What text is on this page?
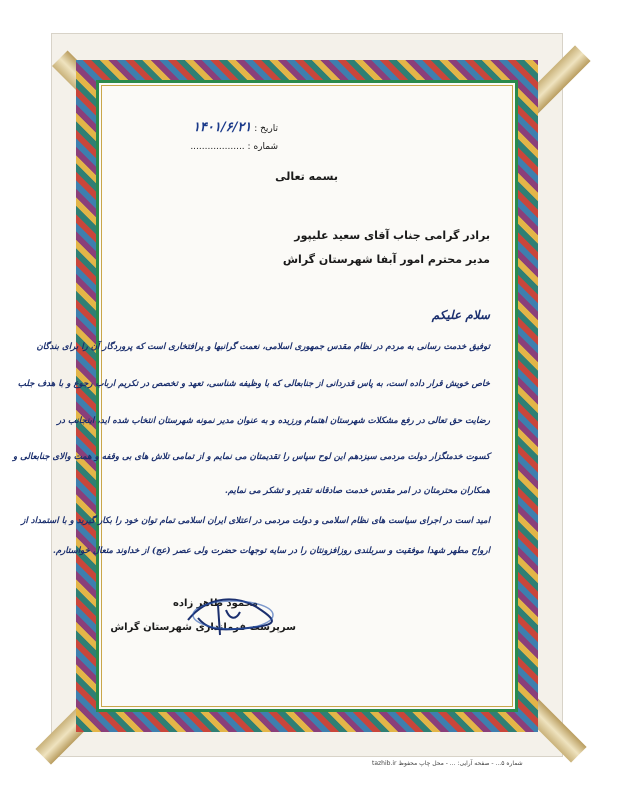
تاریخ : ۱۴۰۱/۶/۲۱
شماره : ...................
بسمه تعالی
برادر گرامی جناب آقای سعید علیپور
مدیر محترم امور آبفا شهرستان گراش
سلام علیکم
توفیق خدمت رسانی به مردم در نظام مقدس جمهوری اسلامی، نعمت گرانبها و پرافتخاری است که پروردگار آن را برای بندگان
خاص خویش قرار داده است، به پاس قدردانی از جنابعالی که با وظیفه شناسی، تعهد و تخصص در تکریم ارباب رجوع و با هدف جلب
رضایت حق تعالی در رفع مشکلات شهرستان اهتمام ورزیده و به عنوان مدیر نمونه شهرستان انتخاب شده اید، اینجانب در
کسوت خدمتگزار دولت مردمی سیزدهم این لوح سپاس را تقدیمتان می نمایم و از تمامی تلاش های بی وقفه و همت والای جنابعالی و
همکاران محترمتان در امر مقدس خدمت صادقانه تقدیر و تشکر می نمایم.
امید است در اجرای سیاست های نظام اسلامی و دولت مردمی در اعتلای ایران اسلامی تمام توان خود را بکار گیرید و با استمداد از
ارواح مطهر شهدا موفقیت و سربلندی روزافزونتان را در سایه توجهات حضرت ولی عصر (عج) از خداوند متعال خواستارم.
محمود طاهر زاده
سرپرست فرمانداری شهرستان گراش
tazhib.ir شماره ۵... - صفحه آرایی: ... - محل چاپ محفوظ
